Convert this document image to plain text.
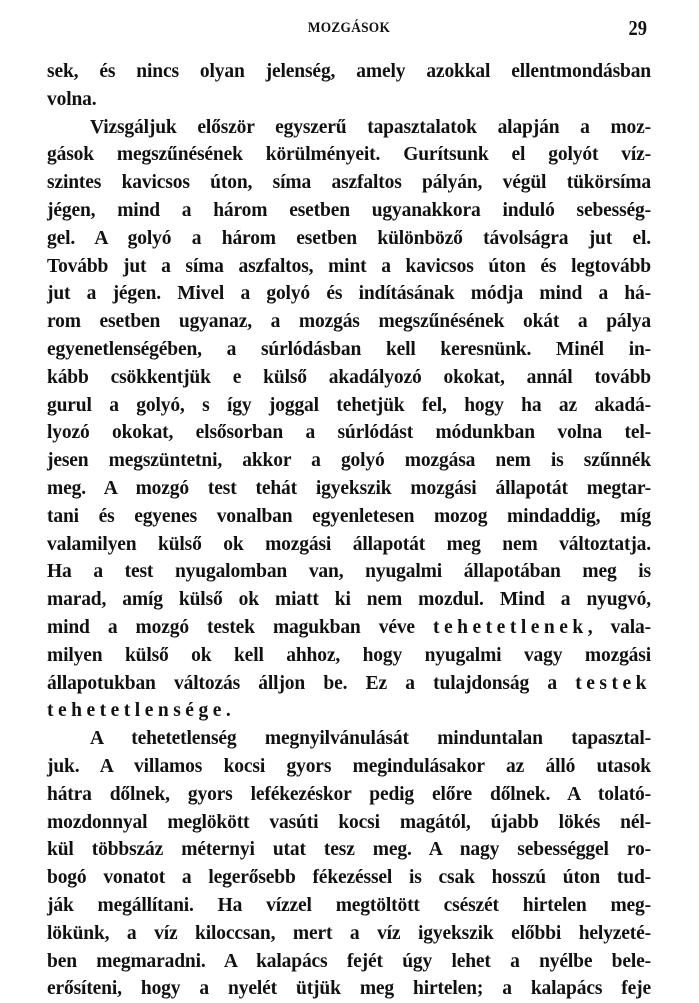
MOZGÁSOK	29
sek, és nincs olyan jelenség, amely azokkal ellentmondásban
volna.
Vizsgáljuk először egyszerű tapasztalatok alapján a moz-
gások megszűnésének körülményeit. Gurítsunk el golyót víz-
szintes kavicsos úton, síma aszfaltos pályán, végül tükörsíma
jégen, mind a három esetben ugyanakkora induló sebesség-
gel. A golyó a három esetben különböző távolságra jut el.
Tovább jut a síma aszfaltos, mint a kavicsos úton és legtovább
jut a jégen. Mivel a golyó és indításának módja mind a há-
rom esetben ugyanaz, a mozgás megszűnésének okát a pálya
egyenetlenségében, a súrlódásban kell keresnünk. Minél in-
kább csökkentjük e külső akadályozó okokat, annál tovább
gurul a golyó, s így joggal tehetjük fel, hogy ha az akadá-
lyozó okokat, elsősorban a súrlódást módunkban volna tel-
jesen megszüntetni, akkor a golyó mozgása nem is szűnnék
meg. A mozgó test tehát igyekszik mozgási állapotát megtar-
tani és egyenes vonalban egyenletesen mozog mindaddig, míg
valamilyen külső ok mozgási állapotát meg nem változtatja.
Ha a test nyugalomban van, nyugalmi állapotában meg is
marad, amíg külső ok miatt ki nem mozdul. Mind a nyugvó,
mind a mozgó testek magukban véve tehetetlenek, vala-
milyen külső ok kell ahhoz, hogy nyugalmi vagy mozgási
állapotukban változás álljon be. Ez a tulajdonság a testek
tehetetlensége.
A tehetetlenség megnyilvánulását minduntalan tapasztal-
juk. A villamos kocsi gyors megindulásakor az álló utasok
hátra dőlnek, gyors lefékezéskor pedig előre dőlnek. A tolató-
mozdonnyal meglökött vasúti kocsi magától, újabb lökés nél-
kül többszáz méternyi utat tesz meg. A nagy sebességgel ro-
bogó vonatot a legerősebb fékezéssel is csak hosszú úton tud-
ják megállítani. Ha vízzel megtöltött csészét hirtelen meg-
lökünk, a víz kiloccsan, mert a víz igyekszik előbbi helyzeté-
ben megmaradni. A kalapács fejét úgy lehet a nyélbe bele-
erősíteni, hogy a nyelét ütjük meg hirtelen; a kalapács feje
